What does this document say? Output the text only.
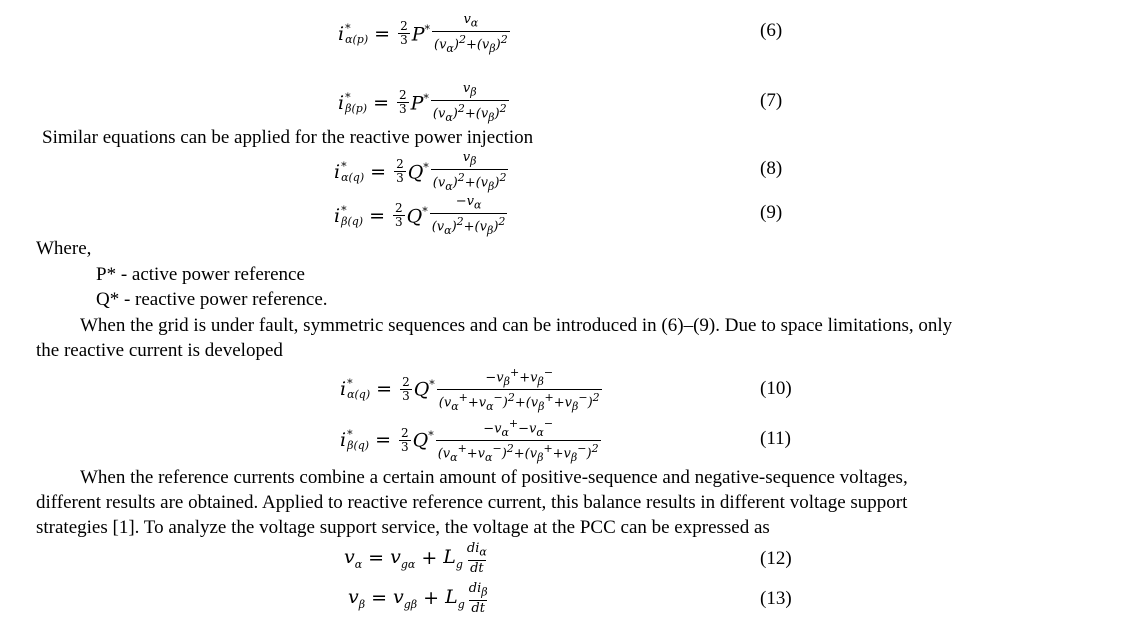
i *
$\alpha(p) = \frac{2}{3} P^* \frac{v_\alpha}{(v_\alpha)^2+(v_\beta)^2}$	(6)
i *
$\beta(p) = \frac{2}{3} P^* \frac{v_\beta}{(v_\alpha)^2+(v_\beta)^2}$	(7)
Similar equations can be applied for the reactive power injection
i *
$\alpha(q) = \frac{2}{3} Q^* \frac{v_\beta}{(v_\alpha)^2+(v_\beta)^2}$	(8)
i *
$\beta(q) = \frac{2}{3} Q^* \frac{-v_\alpha}{(v_\alpha)^2+(v_\beta)^2}$	(9)
Where,
P* - active power reference
Q* - reactive power reference.
When the grid is under fault, symmetric sequences and can be introduced in (6)–(9). Due to space limitations, only
the reactive current is developed
i *
$\alpha(q) = \frac{2}{3} Q^* \frac{-v_\beta^++v_\beta^-}{(v_\alpha^++v_\alpha^-)^2+(v_\beta^++v_\beta^-)^2}$	(10)
i *
$\beta(q) = \frac{2}{3} Q^* \frac{-v_\alpha^+-v_\alpha^-}{(v_\alpha^++v_\alpha^-)^2+(v_\beta^++v_\beta^-)^2}$	(11)
When the reference currents combine a certain amount of positive-sequence and negative-sequence voltages,
different results are obtained. Applied to reactive reference current, this balance results in different voltage support
strategies [1]. To analyze the voltage support service, the voltage at the PCC can be expressed as
$v_\alpha = v_{g\alpha} + L_g \frac{di_\alpha}{dt}$	(12)
$v_\beta = v_{g\beta} + L_g \frac{di_\beta}{dt}$	(13)
